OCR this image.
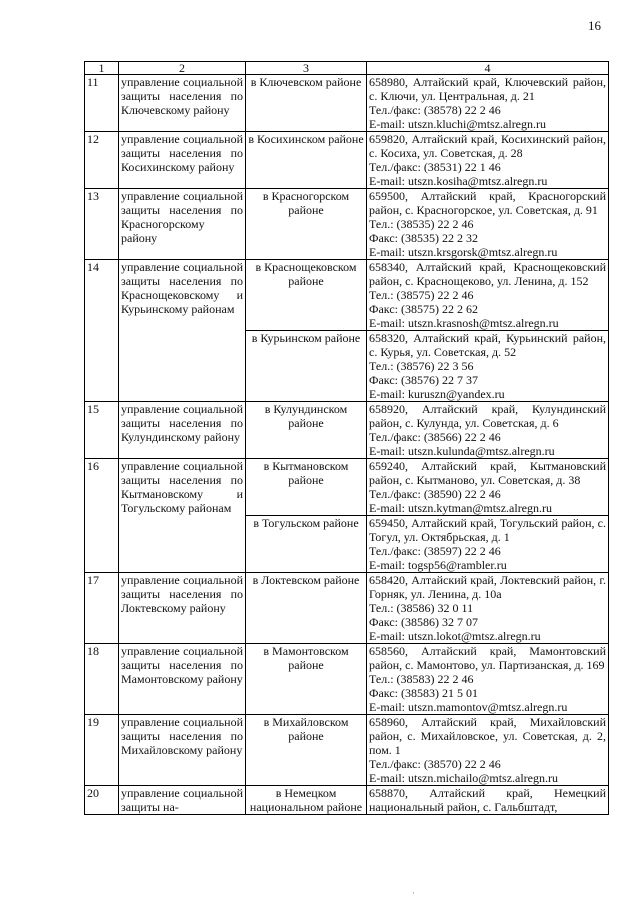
16
1	2	3	4
11	управление социальной защиты населения по Ключевскому району	в Ключевском районе	658980, Алтайский край, Ключевский район, с. Ключи, ул. Центральная, д. 21
Тел./факс: (38578) 22 2 46
E-mail: utszn.kluchi@mtsz.alregn.ru

12	управление социальной защиты населения по Косихинскому району	в Косихинском районе	659820, Алтайский край, Косихинский район, с. Косиха, ул. Советская, д. 28
Тел./факс: (38531) 22 1 46
E-mail: utszn.kosiha@mtsz.alregn.ru

13	управление социальной защиты населения по Красногорскому району	в Красногорском районе	659500, Алтайский край, Красногорский район, с. Красногорское, ул. Советская, д. 91
Тел.: (38535) 22 2 46
Факс: (38535) 22 2 32
E-mail: utszn.krsgorsk@mtsz.alregn.ru

14	управление социальной защиты населения по Краснощековскому и Курьинскому районам	в Краснощековском районе	658340, Алтайский край, Краснощековский район, с. Краснощеково, ул. Ленина, д. 152
Тел.: (38575) 22 2 46
Факс: (38575) 22 2 62
E-mail: utszn.krasnosh@mtsz.alregn.ru

		в Курьинском районе	658320, Алтайский край, Курьинский район, с. Курья, ул. Советская, д. 52
Тел.: (38576) 22 3 56
Факс: (38576) 22 7 37
E-mail: kuruszn@yandex.ru

15	управление социальной защиты населения по Кулундинскому району	в Кулундинском районе	658920, Алтайский край, Кулундинский район, с. Кулунда, ул. Советская, д. 6
Тел./факс: (38566) 22 2 46
E-mail: utszn.kulunda@mtsz.alregn.ru

16	управление социальной защиты населения по Кытмановскому и Тогульскому районам	в Кытмановском районе	659240, Алтайский край, Кытмановский район, с. Кытманово, ул. Советская, д. 38
Тел./факс: (38590) 22 2 46
E-mail: utszn.kytman@mtsz.alregn.ru

		в Тогульском районе	659450, Алтайский край, Тогульский район, с. Тогул, ул. Октябрьская, д. 1
Тел./факс: (38597) 22 2 46
E-mail: togsp56@rambler.ru

17	управление социальной защиты населения по Локтевскому району	в Локтевском районе	658420, Алтайский край, Локтевский район, г. Горняк, ул. Ленина, д. 10а
Тел.: (38586) 32 0 11
Факс: (38586) 32 7 07
E-mail: utszn.lokot@mtsz.alregn.ru

18	управление социальной защиты населения по Мамонтовскому району	в Мамонтовском районе	658560, Алтайский край, Мамонтовский район, с. Мамонтово, ул. Партизанская, д. 169
Тел.: (38583) 22 2 46
Факс: (38583) 21 5 01
E-mail: utszn.mamontov@mtsz.alregn.ru

19	управление социальной защиты населения по Михайловскому району	в Михайловском районе	658960, Алтайский край, Михайловский район, с. Михайловское, ул. Советская, д. 2, пом. 1
Тел./факс: (38570) 22 2 46
E-mail: utszn.michailo@mtsz.alregn.ru

20	управление социальной защиты на-	в Немецком национальном районе	658870, Алтайский край, Немецкий национальный район, с. Гальбштадт,
·
